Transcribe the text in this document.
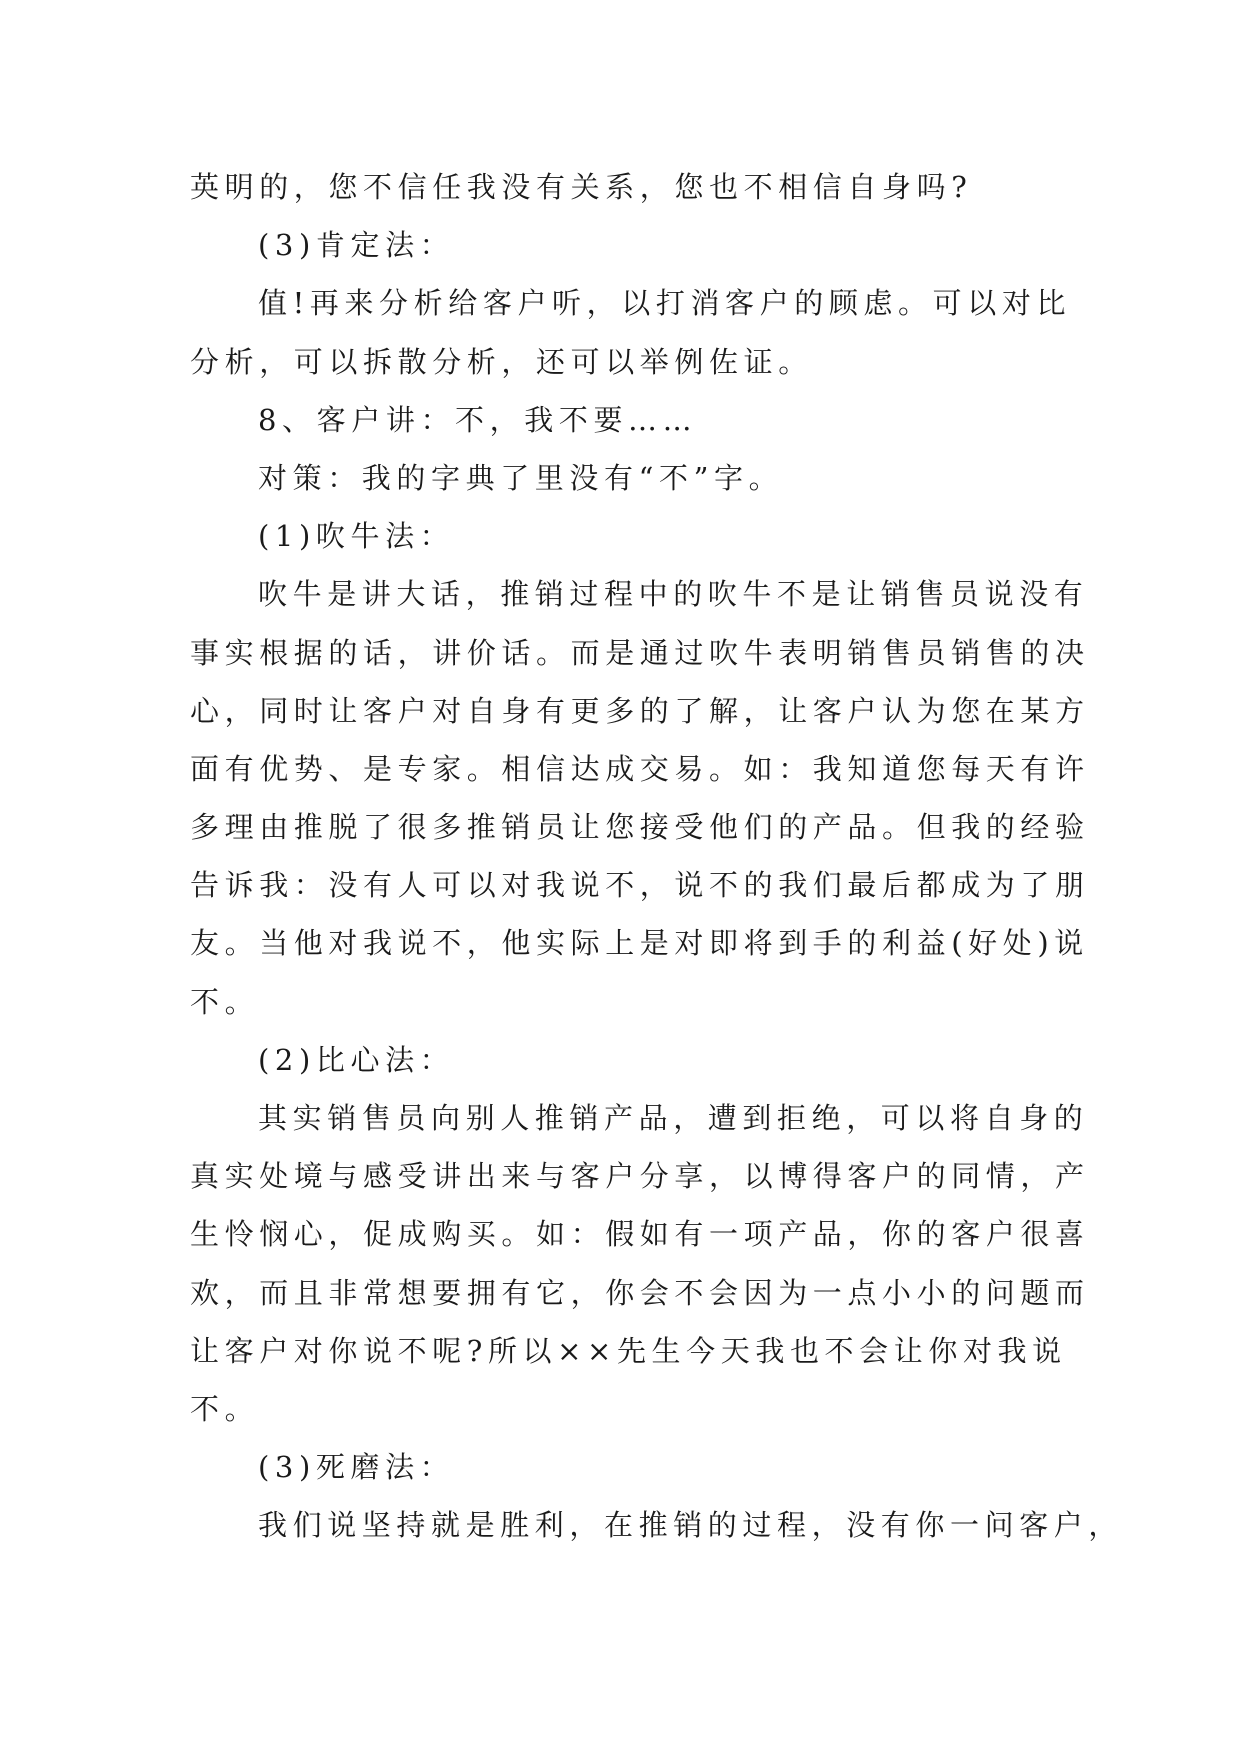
英明的，您不信任我没有关系，您也不相信自身吗?
(3)肯定法：
值!再来分析给客户听，以打消客户的顾虑。可以对比
分析，可以拆散分析，还可以举例佐证。
8、客户讲：不，我不要……
对策：我的字典了里没有“不”字。
(1)吹牛法：
吹牛是讲大话，推销过程中的吹牛不是让销售员说没有
事实根据的话，讲价话。而是通过吹牛表明销售员销售的决
心，同时让客户对自身有更多的了解，让客户认为您在某方
面有优势、是专家。相信达成交易。如：我知道您每天有许
多理由推脱了很多推销员让您接受他们的产品。但我的经验
告诉我：没有人可以对我说不，说不的我们最后都成为了朋
友。当他对我说不，他实际上是对即将到手的利益(好处)说
不。
(2)比心法：
其实销售员向别人推销产品，遭到拒绝，可以将自身的
真实处境与感受讲出来与客户分享，以博得客户的同情，产
生怜悯心，促成购买。如：假如有一项产品，你的客户很喜
欢，而且非常想要拥有它，你会不会因为一点小小的问题而
让客户对你说不呢?所以××先生今天我也不会让你对我说
不。
(3)死磨法：
我们说坚持就是胜利，在推销的过程，没有你一问客户，
